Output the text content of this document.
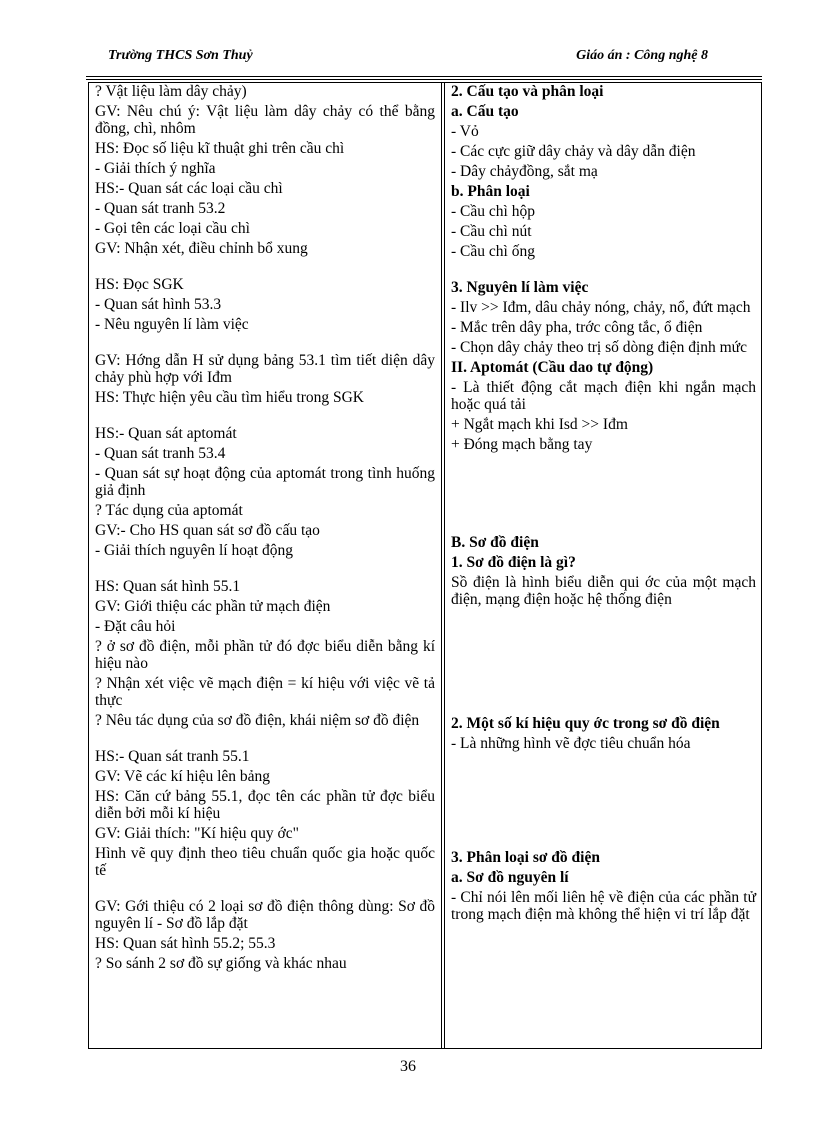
Trường THCS Sơn Thuỷ	Giáo án : Công nghệ 8
? Vật liệu làm dây chảy)
GV: Nêu chú ý: Vật liệu làm dây chảy có thể bằng đồng, chì, nhôm
HS: Đọc số liệu kĩ thuật ghi trên cầu chì
- Giải thích ý nghĩa
HS:- Quan sát các loại cầu chì
- Quan sát tranh 53.2
- Gọi tên các loại cầu chì
GV: Nhận xét, điều chỉnh bổ xung
HS: Đọc SGK
- Quan sát hình 53.3
- Nêu nguyên lí làm việc
GV: Hớng dẫn H sử dụng bảng 53.1 tìm tiết diện dây chảy phù hợp với Iđm
HS: Thực hiện yêu cầu tìm hiểu trong SGK
HS:- Quan sát aptomát
- Quan sát tranh 53.4
- Quan sát sự hoạt động của aptomát trong tình huống giả định
? Tác dụng của aptomát
GV:- Cho HS quan sát sơ đồ cấu tạo
- Giải thích nguyên lí hoạt động
HS: Quan sát hình 55.1
GV: Giới thiệu các phần tử mạch điện
- Đặt câu hỏi
? ở sơ đồ điện, mỗi phần tử đó đợc biểu diễn bằng kí hiệu nào
? Nhận xét việc vẽ mạch điện = kí hiệu với việc vẽ tả thực
? Nêu tác dụng của sơ đồ điện, khái niệm sơ đồ điện
HS:- Quan sát tranh 55.1
GV: Vẽ các kí hiệu lên bảng
HS: Căn cứ bảng 55.1, đọc tên các phần tử đợc biểu diễn bởi mỗi kí hiệu
GV: Giải thích: "Kí hiệu quy ớc"
Hình vẽ quy định theo tiêu chuẩn quốc gia hoặc quốc tế
GV: Gới thiệu có 2 loại sơ đồ điện thông dùng: Sơ đồ nguyên lí - Sơ đồ lắp đặt
HS: Quan sát hình 55.2; 55.3
? So sánh 2 sơ đồ sự giống và khác nhau
2. Cấu tạo và phân loại
a. Cấu tạo
- Vỏ
- Các cực giữ dây chảy và dây dẫn điện
- Dây chảyđồng, sắt mạ
b. Phân loại
- Cầu chì hộp
- Cầu chì nút
- Cầu chì ống
3. Nguyên lí làm việc
- Ilv >> Iđm, dâu chảy nóng, chảy, nổ, đứt mạch
- Mắc trên dây pha, trớc công tắc, ổ điện
- Chọn dây chảy theo trị số dòng điện định mức
II. Aptomát (Cầu dao tự động)
- Là thiết động cắt mạch điện khi ngắn mạch hoặc quá tải
+ Ngắt mạch khi Isd >> Iđm
+ Đóng mạch bằng tay
B. Sơ đồ điện
1. Sơ đồ điện là gì?
Sồ điện là hình biểu diễn qui ớc của một mạch điện, mạng điện hoặc hệ thống điện
2. Một số kí hiệu quy ớc trong sơ đồ điện
- Là những hình vẽ đợc tiêu chuẩn hóa
3. Phân loại sơ đồ điện
a. Sơ đồ nguyên lí
- Chỉ nói lên mối liên hệ về điện của các phần tử trong mạch điện mà không thể hiện vi trí lắp đặt
36
